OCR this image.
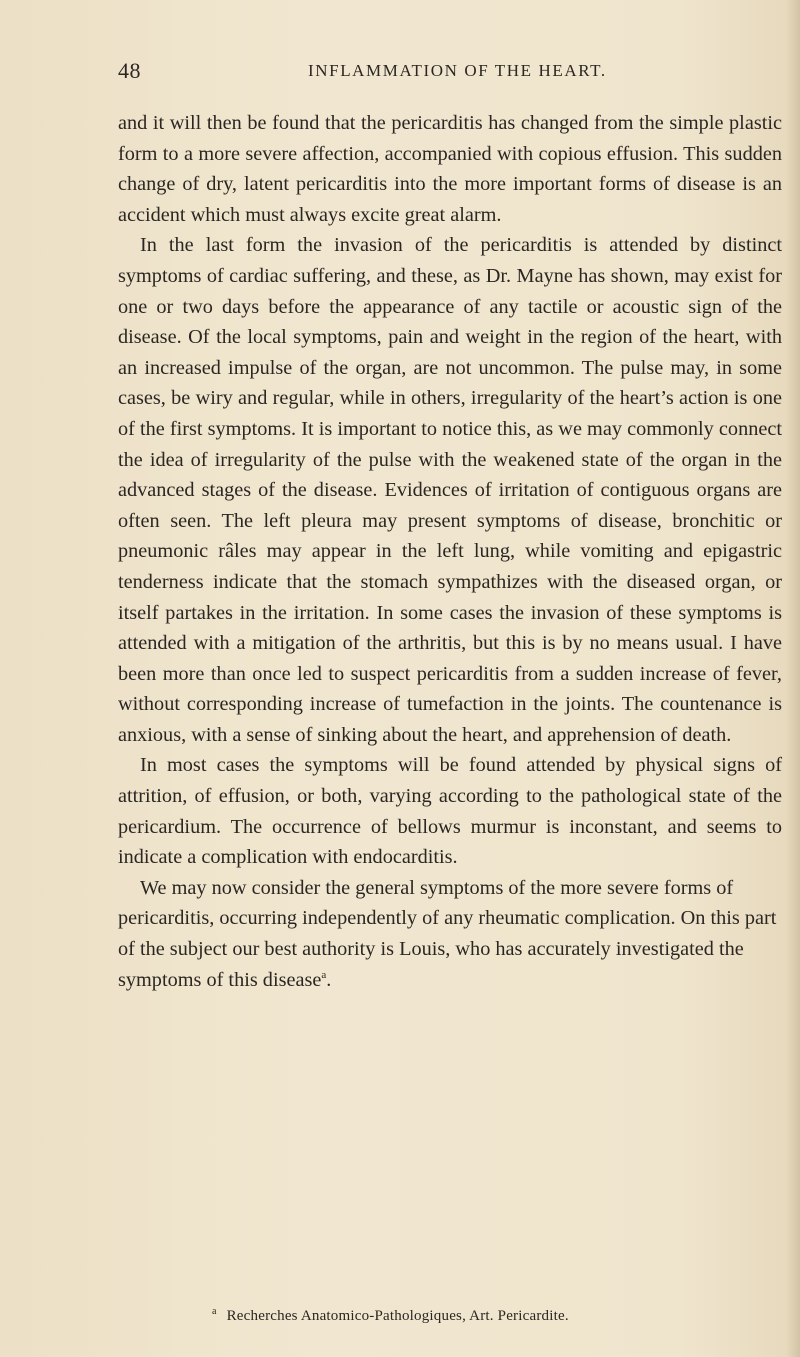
48	INFLAMMATION OF THE HEART.

and it will then be found that the pericarditis has changed from the simple plastic form to a more severe affection, accompanied with copious effusion. This sudden change of dry, latent pericarditis into the more important forms of disease is an accident which must always excite great alarm.

In the last form the invasion of the pericarditis is attended by distinct symptoms of cardiac suffering, and these, as Dr. Mayne has shown, may exist for one or two days before the appearance of any tactile or acoustic sign of the disease. Of the local symptoms, pain and weight in the region of the heart, with an increased impulse of the organ, are not uncommon. The pulse may, in some cases, be wiry and regular, while in others, irregularity of the heart’s action is one of the first symptoms. It is important to notice this, as we may commonly connect the idea of irregularity of the pulse with the weakened state of the organ in the advanced stages of the disease. Evidences of irritation of contiguous organs are often seen. The left pleura may present symptoms of disease, bronchitic or pneumonic râles may appear in the left lung, while vomiting and epigastric tenderness indicate that the stomach sympathizes with the diseased organ, or itself partakes in the irritation. In some cases the invasion of these symptoms is attended with a mitigation of the arthritis, but this is by no means usual. I have been more than once led to suspect pericarditis from a sudden increase of fever, without corresponding increase of tumefaction in the joints. The countenance is anxious, with a sense of sinking about the heart, and apprehension of death.

In most cases the symptoms will be found attended by physical signs of attrition, of effusion, or both, varying according to the pathological state of the pericardium. The occurrence of bellows murmur is inconstant, and seems to indicate a complication with endocarditis.

We may now consider the general symptoms of the more severe forms of pericarditis, occurring independently of any rheumatic complication. On this part of the subject our best authority is Louis, who has accurately investigated the symptoms of this disease$^a$.

$^a$ Recherches Anatomico-Pathologiques, Art. Pericardite.
